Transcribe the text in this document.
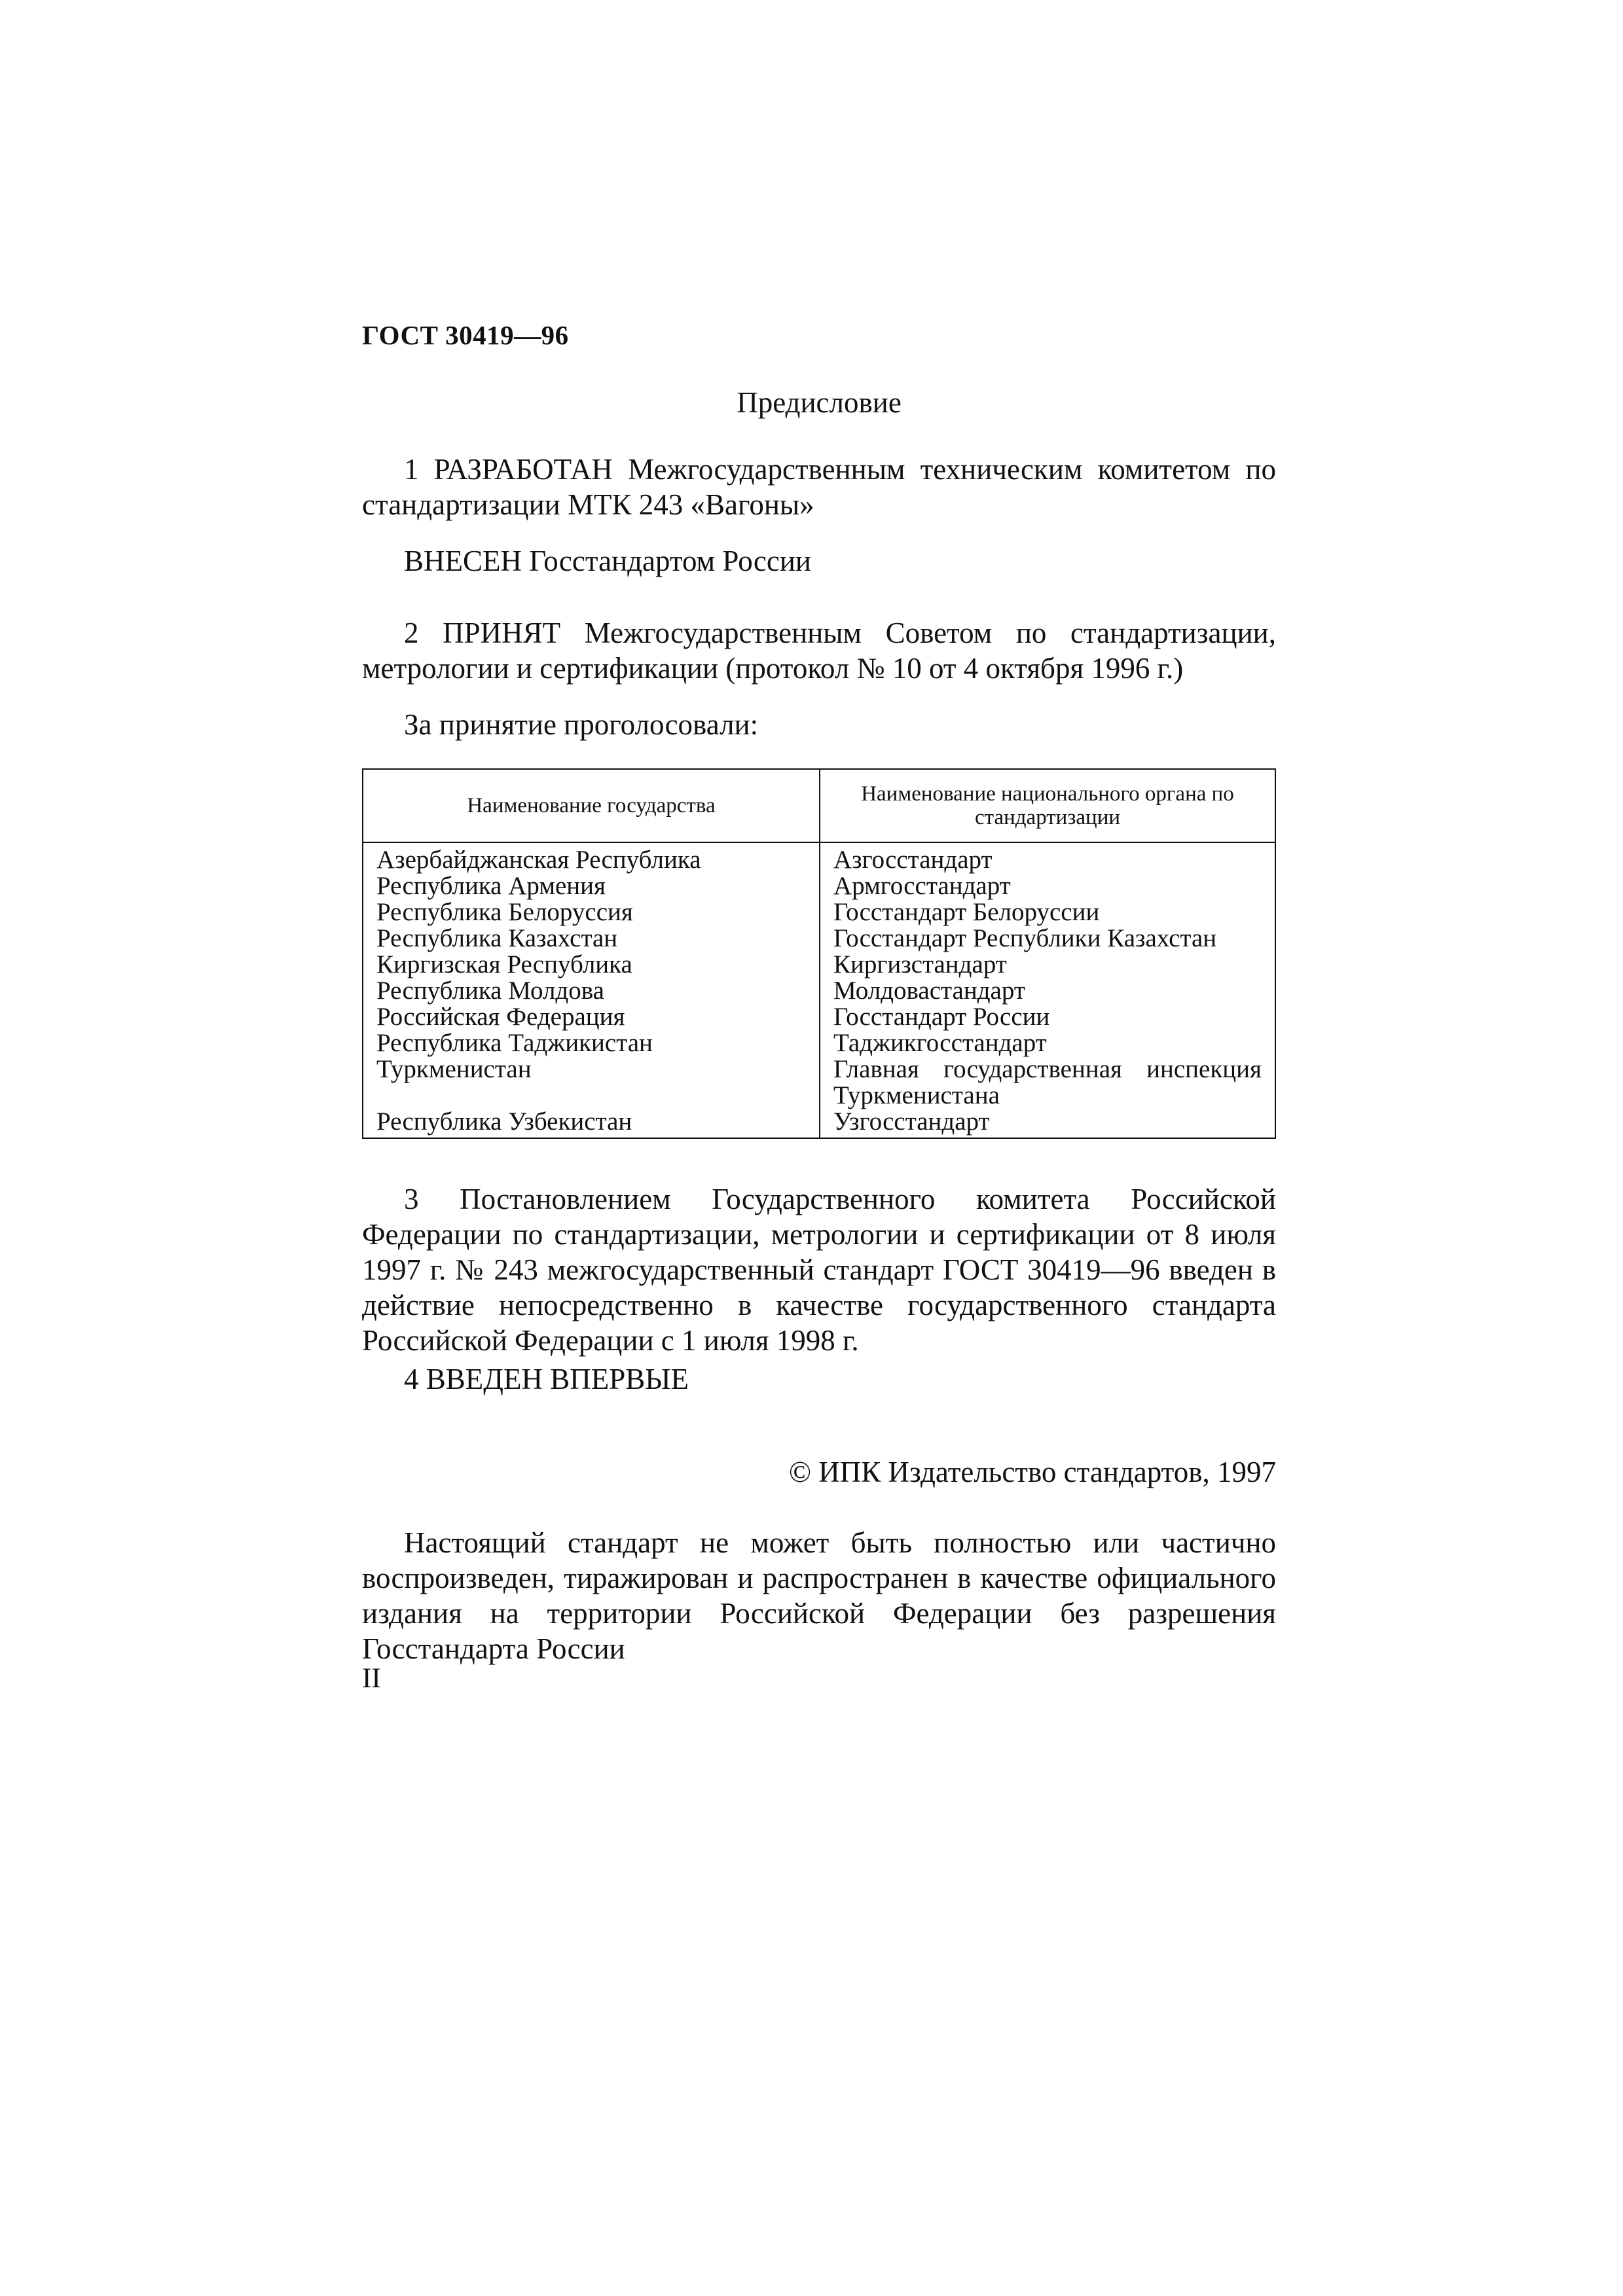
ГОСТ 30419—96
Предисловие
1 РАЗРАБОТАН Межгосударственным техническим комитетом по стандартизации МТК 243 «Вагоны»
ВНЕСЕН Госстандартом России
2 ПРИНЯТ Межгосударственным Советом по стандартизации, метрологии и сертификации (протокол № 10 от 4 октября 1996 г.)
За принятие проголосовали:
Наименование государства	Наименование национального органа по стандартизации
Азербайджанская Республика	Азгосстандарт
Республика Армения	Армгосстандарт
Республика Белоруссия	Госстандарт Белоруссии
Республика Казахстан	Госстандарт Республики Казахстан
Киргизская Республика	Киргизстандарт
Республика Молдова	Молдовастандарт
Российская Федерация	Госстандарт России
Республика Таджикистан	Таджикгосстандарт
Туркменистан	Главная государственная инспекция Туркменистана
Республика Узбекистан	Узгосстандарт
3 Постановлением Государственного комитета Российской Федерации по стандартизации, метрологии и сертификации от 8 июля 1997 г. № 243 межгосударственный стандарт ГОСТ 30419—96 введен в действие непосредственно в качестве государственного стандарта Российской Федерации с 1 июля 1998 г.
4 ВВЕДЕН ВПЕРВЫЕ
© ИПК Издательство стандартов, 1997
Настоящий стандарт не может быть полностью или частично воспроизведен, тиражирован и распространен в качестве официального издания на территории Российской Федерации без разрешения Госстандарта России
II
